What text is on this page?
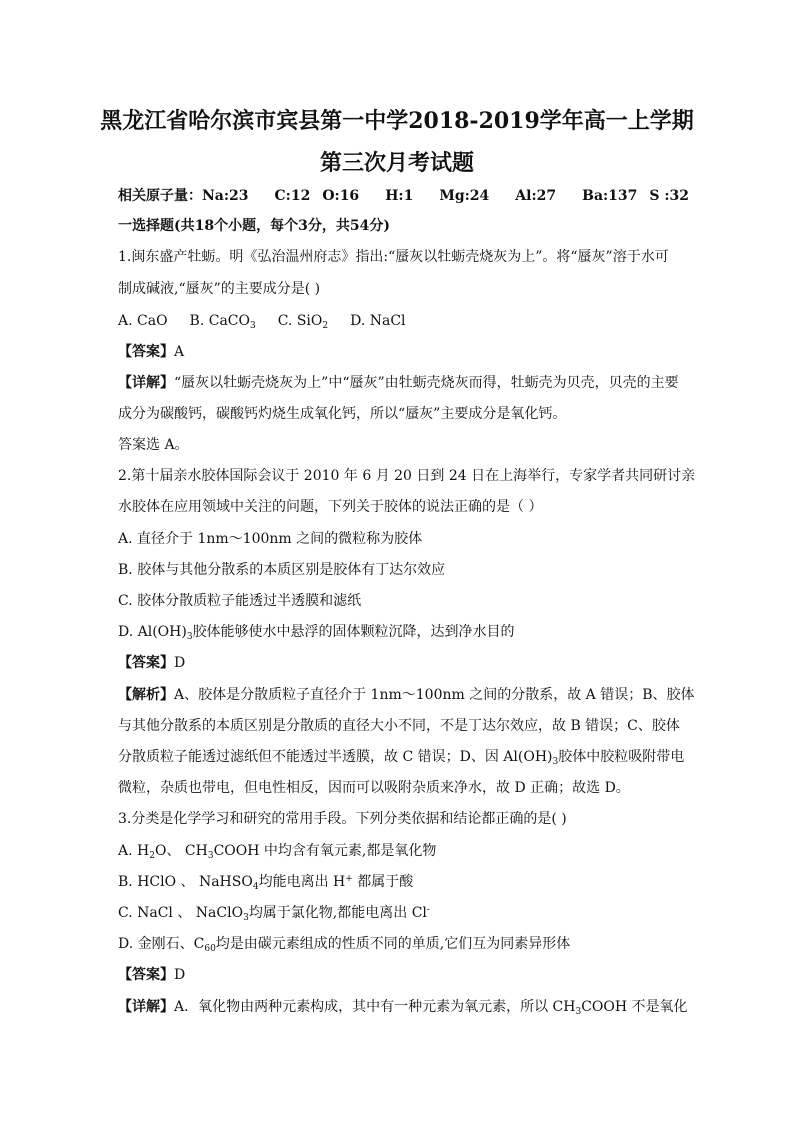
黑龙江省哈尔滨市宾县第一中学2018-2019学年高一上学期
第三次月考试题
相关原子量：Na:23 C:12 O:16 H:1 Mg:24 Al:27 Ba:137 S :32
一选择题(共18个小题，每个3分，共54分)
1.闽东盛产牡蛎。明《弘治温州府志》指出:“蜃灰以牡蛎壳烧灰为上”。将“蜃灰”溶于水可
制成碱液,“蜃灰”的主要成分是( )
A. CaO B. CaCO$_3$ C. SiO$_2$ D. NaCl
【答案】A
【详解】“蜃灰以牡蛎壳烧灰为上”中“蜃灰”由牡蛎壳烧灰而得，牡蛎壳为贝壳，贝壳的主要
成分为碳酸钙，碳酸钙灼烧生成氧化钙，所以“蜃灰”主要成分是氧化钙。
答案选 A。
2.第十届亲水胶体国际会议于 2010 年 6 月 20 日到 24 日在上海举行，专家学者共同研讨亲
水胶体在应用领域中关注的问题，下列关于胶体的说法正确的是（ ）
A. 直径介于 1nm～100nm 之间的微粒称为胶体
B. 胶体与其他分散系的本质区别是胶体有丁达尔效应
C. 胶体分散质粒子能透过半透膜和滤纸
D. $Al(OH)_3$胶体能够使水中悬浮的固体颗粒沉降，达到净水目的
【答案】D
【解析】A、胶体是分散质粒子直径介于 1nm～100nm 之间的分散系，故 A 错误；B、胶体
与其他分散系的本质区别是分散质的直径大小不同，不是丁达尔效应，故 B 错误；C、胶体
分散质粒子能透过滤纸但不能透过半透膜，故 C 错误；D、因 $Al(OH)_3$胶体中胶粒吸附带电
微粒，杂质也带电，但电性相反，因而可以吸附杂质来净水，故 D 正确；故选 D。
3.分类是化学学习和研究的常用手段。下列分类依据和结论都正确的是( )
A. $H_2O$、 $CH_3COOH$ 中均含有氧元素,都是氧化物
B. HClO 、 NaHSO$_4$均能电离出 H+ 都属于酸
C. NaCl 、 NaClO$_3$均属于氯化物,都能电离出 Cl-
D. 金刚石、$C_{60}$均是由碳元素组成的性质不同的单质,它们互为同素异形体
【答案】D
【详解】A．氧化物由两种元素构成，其中有一种元素为氧元素，所以 $CH_3COOH$ 不是氧化
